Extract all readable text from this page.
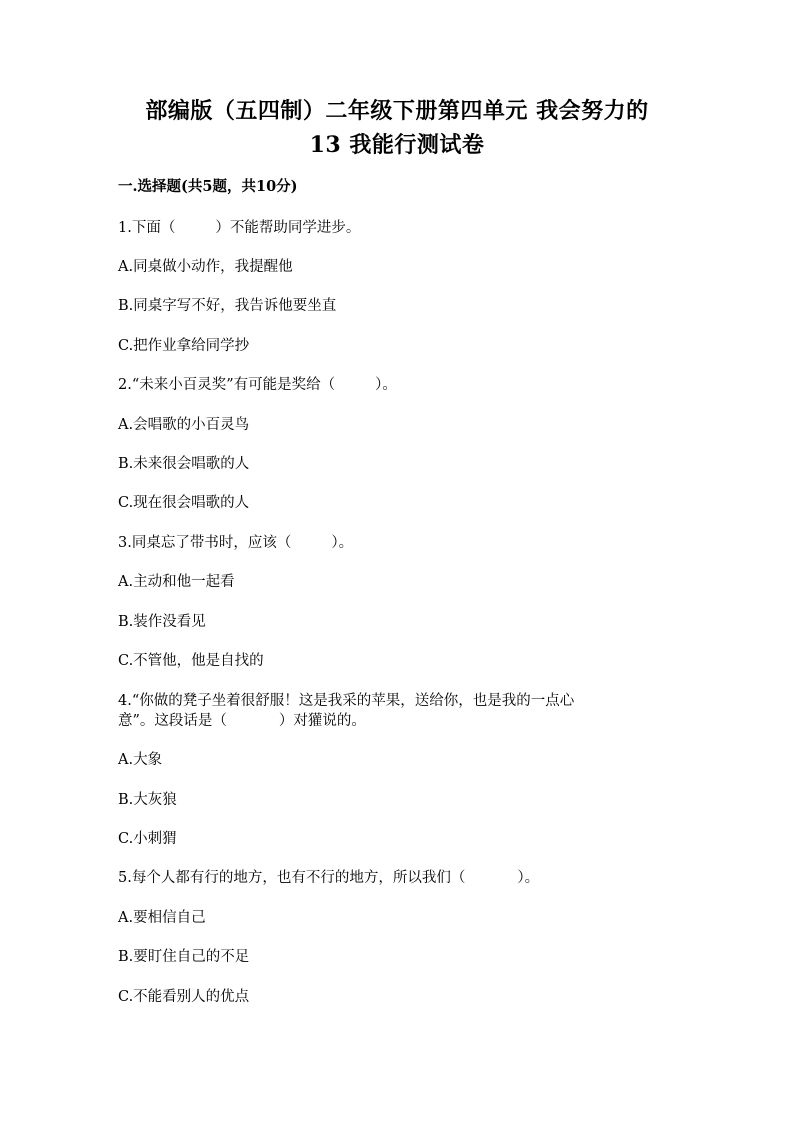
部编版（五四制）二年级下册第四单元 我会努力的
13 我能行测试卷
一.选择题(共5题，共10分)
1.下面（	）不能帮助同学进步。
A.同桌做小动作，我提醒他
B.同桌字写不好，我告诉他要坐直
C.把作业拿给同学抄
2.“未来小百灵奖”有可能是奖给（	）。
A.会唱歌的小百灵鸟
B.未来很会唱歌的人
C.现在很会唱歌的人
3.同桌忘了带书时，应该（	）。
A.主动和他一起看
B.装作没看见
C.不管他，他是自找的
4.“你做的凳子坐着很舒服！这是我采的苹果，送给你，也是我的一点心
意”。这段话是（	）对獾说的。
A.大象
B.大灰狼
C.小刺猬
5.每个人都有行的地方，也有不行的地方，所以我们（	）。
A.要相信自己
B.要盯住自己的不足
C.不能看别人的优点
